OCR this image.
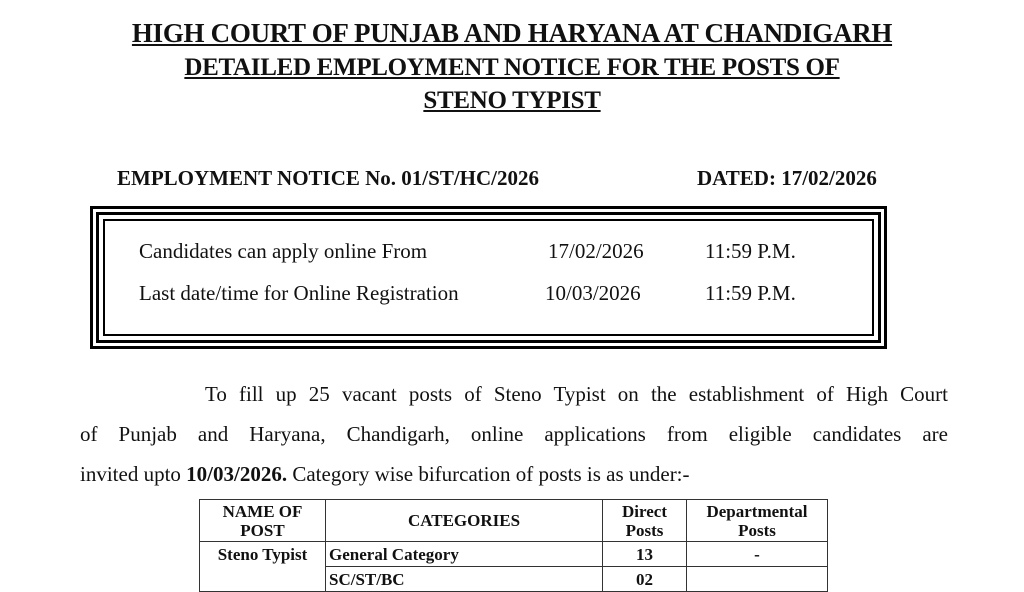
HIGH COURT OF PUNJAB AND HARYANA AT CHANDIGARH
DETAILED EMPLOYMENT NOTICE FOR THE POSTS OF
STENO TYPIST
EMPLOYMENT NOTICE No. 01/ST/HC/2026	DATED: 17/02/2026
Candidates can apply online From	17/02/2026	11:59 P.M.
Last date/time for Online Registration	10/03/2026	11:59 P.M.
To fill up 25 vacant posts of Steno Typist on the establishment of High Court
of Punjab and Haryana, Chandigarh, online applications from eligible candidates are
invited upto 10/03/2026. Category wise bifurcation of posts is as under:-
NAME OF POST	CATEGORIES	Direct Posts	Departmental Posts
Steno Typist	General Category	13	-
	SC/ST/BC	02	
